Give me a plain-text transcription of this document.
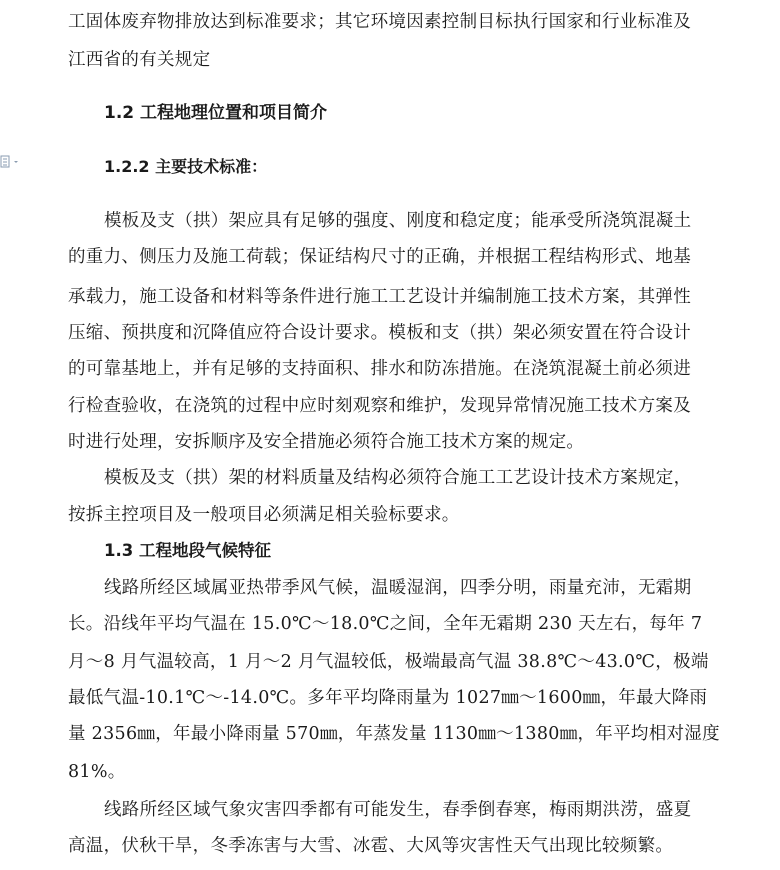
工固体废弃物排放达到标准要求；其它环境因素控制目标执行国家和行业标准及
江西省的有关规定
1.2 工程地理位置和项目简介
1.2.2 主要技术标准：
模板及支（拱）架应具有足够的强度、刚度和稳定度；能承受所浇筑混凝土
的重力、侧压力及施工荷载；保证结构尺寸的正确，并根据工程结构形式、地基
承载力，施工设备和材料等条件进行施工工艺设计并编制施工技术方案，其弹性
压缩、预拱度和沉降值应符合设计要求。模板和支（拱）架必须安置在符合设计
的可靠基地上，并有足够的支持面积、排水和防冻措施。在浇筑混凝土前必须进
行检查验收，在浇筑的过程中应时刻观察和维护，发现异常情况施工技术方案及
时进行处理，安拆顺序及安全措施必须符合施工技术方案的规定。
模板及支（拱）架的材料质量及结构必须符合施工工艺设计技术方案规定，
按拆主控项目及一般项目必须满足相关验标要求。
1.3 工程地段气候特征
线路所经区域属亚热带季风气候，温暖湿润，四季分明，雨量充沛，无霜期
长。沿线年平均气温在 15.0℃～18.0℃之间，全年无霜期 230 天左右，每年 7
月～8 月气温较高，1 月～2 月气温较低，极端最高气温 38.8℃～43.0℃，极端
最低气温-10.1℃～-14.0℃。多年平均降雨量为 1027㎜～1600㎜，年最大降雨
量 2356㎜，年最小降雨量 570㎜，年蒸发量 1130㎜～1380㎜，年平均相对湿度
81%。
线路所经区域气象灾害四季都有可能发生，春季倒春寒，梅雨期洪涝，盛夏
高温，伏秋干旱，冬季冻害与大雪、冰雹、大风等灾害性天气出现比较频繁。
